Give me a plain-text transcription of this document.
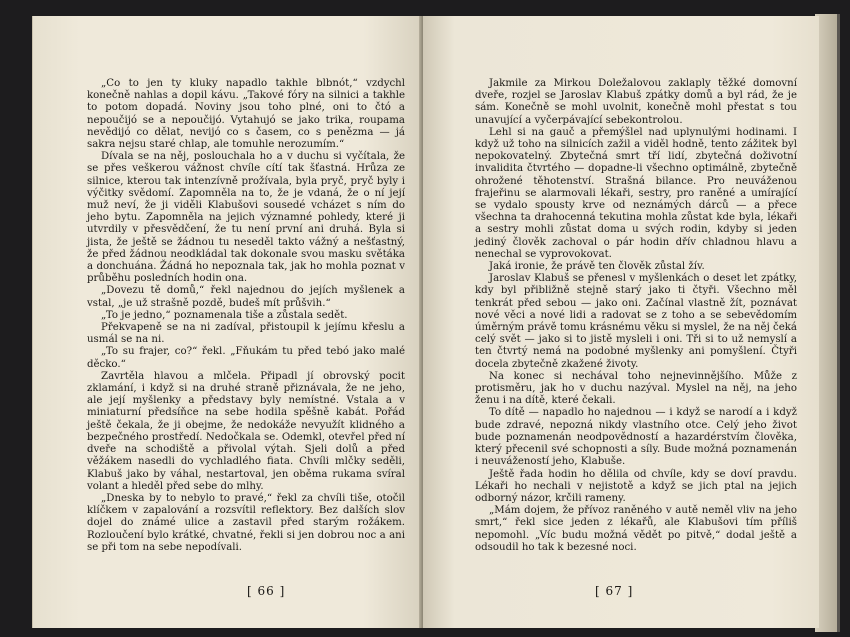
„Co to jen ty kluky napadlo takhle blbnót,“ vzdychl konečně nahlas a dopil kávu. „Takové fóry na silnici a takhle to potom dopadá. Noviny jsou toho plné, oni to čtó a nepoučijó se a nepoučijó. Vytahujó se jako trika, roupama nevědijó co dělat, nevijó co s časem, co s penězma — já sakra nejsu staré chlap, ale tomuhle nerozumím.“

Dívala se na něj, poslouchala ho a v duchu si vyčítala, že se přes veškerou vážnost chvíle cítí tak šťastná. Hrůza ze silnice, kterou tak intenzívně prožívala, byla pryč, pryč byly i výčitky svědomí. Zapomněla na to, že je vdaná, že o ní její muž neví, že ji viděli Klabušovi sousedé vcházet s ním do jeho bytu. Zapomněla na jejich významné pohledy, které ji utvrdily v přesvědčení, že tu není první ani druhá. Byla si jista, že ještě se žádnou tu neseděl takto vážný a nešťastný, že před žádnou neodkládal tak dokonale svou masku světáka a donchuána. Žádná ho nepoznala tak, jak ho mohla poznat v průběhu posledních hodin ona.

„Dovezu tě domů,“ řekl najednou do jejích myšlenek a vstal, „je už strašně pozdě, budeš mít průšvih.“

„To je jedno,“ poznamenala tiše a zůstala sedět.

Překvapeně se na ni zadíval, přistoupil k jejímu křeslu a usmál se na ni.

„To su frajer, co?“ řekl. „Fňukám tu před tebó jako malé děcko.“

Zavrtěla hlavou a mlčela. Připadl jí obrovský pocit zklamání, i když si na druhé straně přiznávala, že ne jeho, ale její myšlenky a představy byly nemístné. Vstala a v miniaturní předsíňce na sebe hodila spěšně kabát. Pořád ještě čekala, že ji obejme, že nedokáže nevyužít klidného a bezpečného prostředí. Nedočkala se. Odemkl, otevřel před ní dveře na schodiště a přivolal výtah. Sjeli dolů a před věžákem nasedli do vychladlého fiata. Chvíli mlčky seděli, Klabuš jako by váhal, nestartoval, jen oběma rukama svíral volant a hleděl před sebe do mlhy.

„Dneska by to nebylo to pravé,“ řekl za chvíli tiše, otočil klíčkem v zapalování a rozsvítil reflektory. Bez dalších slov dojel do známé ulice a zastavil před starým rožákem. Rozloučení bylo krátké, chvatné, řekli si jen dobrou noc a ani se při tom na sebe nepodívali.

[ 66 ]

Jakmile za Mirkou Doležalovou zaklaply těžké domovní dveře, rozjel se Jaroslav Klabuš zpátky domů a byl rád, že je sám. Konečně se mohl uvolnit, konečně mohl přestat s tou unavující a vyčerpávající sebekontrolou.

Lehl si na gauč a přemýšlel nad uplynulými hodinami. I když už toho na silnicích zažil a viděl hodně, tento zážitek byl nepokovatelný. Zbytečná smrt tří lidí, zbytečná doživotní invalidita čtvrtého — dopadne-li všechno optimálně, zbytečně ohrožené těhotenství. Strašná bilance. Pro neuváženou frajeřinu se alarmovali lékaři, sestry, pro raněné a umírající se vydalo spousty krve od neznámých dárců — a přece všechna ta drahocenná tekutina mohla zůstat kde byla, lékaři a sestry mohli zůstat doma u svých rodin, kdyby si jeden jediný člověk zachoval o pár hodin dřív chladnou hlavu a nenechal se vyprovokovat.

Jaká ironie, že právě ten člověk zůstal žív.

Jaroslav Klabuš se přenesl v myšlenkách o deset let zpátky, kdy byl přibližně stejně starý jako ti čtyři. Všechno měl tenkrát před sebou — jako oni. Začínal vlastně žít, poznávat nové věci a nové lidi a radovat se z toho a se sebevědomím úměrným právě tomu krásnému věku si myslel, že na něj čeká celý svět — jako si to jistě mysleli i oni. Tři si to už nemyslí a ten čtvrtý nemá na podobné myšlenky ani pomyšlení. Čtyři docela zbytečně zkažené životy.

Na konec si nechával toho nejnevinnějšího. Může z protisměru, jak ho v duchu nazýval. Myslel na něj, na jeho ženu i na dítě, které čekali.

To dítě — napadlo ho najednou — i když se narodí a i když bude zdravé, nepozná nikdy vlastního otce. Celý jeho život bude poznamenán neodpovědností a hazardérstvím člověka, který přecenil své schopnosti a síly. Bude možná poznamenán i neuvážeností jeho, Klabuše.

Ještě řada hodin ho dělila od chvíle, kdy se doví pravdu. Lékaři ho nechali v nejistotě a když se jich ptal na jejich odborný názor, krčili rameny.

„Mám dojem, že přívoz raněného v autě neměl vliv na jeho smrt,“ řekl sice jeden z lékařů, ale Klabušovi tím příliš nepomohl. „Víc budu možná vědět po pitvě,“ dodal ještě a odsoudil ho tak k bezesné noci.

[ 67 ]
